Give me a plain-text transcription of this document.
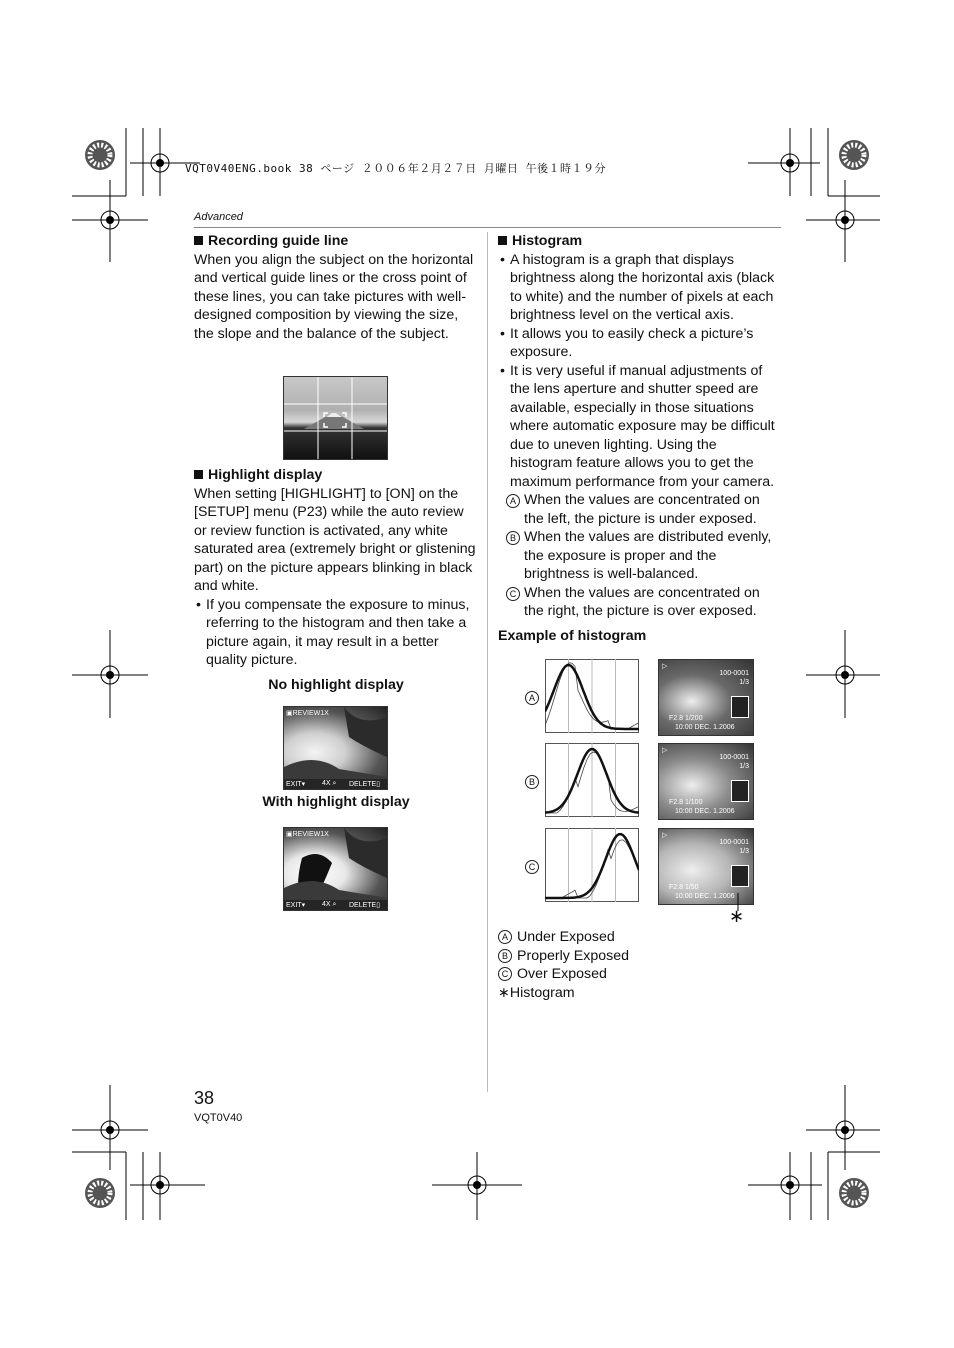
VQT0V40ENG.book 38 ページ ２００６年２月２７日 月曜日 午後１時１９分
Advanced
Recording guide line
When you align the subject on the horizontal and vertical guide lines or the cross point of these lines, you can take pictures with well-designed composition by viewing the size, the slope and the balance of the subject.
Highlight display
When setting [HIGHLIGHT] to [ON] on the [SETUP] menu (P23) while the auto review or review function is activated, any white saturated area (extremely bright or glistening part) on the picture appears blinking in black and white.
• If you compensate the exposure to minus, referring to the histogram and then take a picture again, it may result in a better quality picture.
No highlight display
▣REVIEW1X
EXIT▾ 4X ⌕ DELETE▯
With highlight display
▣REVIEW1X
EXIT▾ 4X ⌕ DELETE▯
Histogram
• A histogram is a graph that displays brightness along the horizontal axis (black to white) and the number of pixels at each brightness level on the vertical axis.
• It allows you to easily check a picture’s exposure.
• It is very useful if manual adjustments of the lens aperture and shutter speed are available, especially in those situations where automatic exposure may be difficult due to uneven lighting. Using the histogram feature allows you to get the maximum performance from your camera.
A When the values are concentrated on the left, the picture is under exposed.
B When the values are distributed evenly, the exposure is proper and the brightness is well-balanced.
C When the values are concentrated on the right, the picture is over exposed.
Example of histogram
A
100-0001
1/3
F2.8 1/200
10:00 DEC. 1.2006
▷
B
100-0001
1/3
F2.8 1/100
10:00 DEC. 1.2006
▷
C
100-0001
1/3
F2.8 1/50
10:00 DEC. 1.2006
▷
∗
A Under Exposed
B Properly Exposed
C Over Exposed
∗Histogram
38
VQT0V40
